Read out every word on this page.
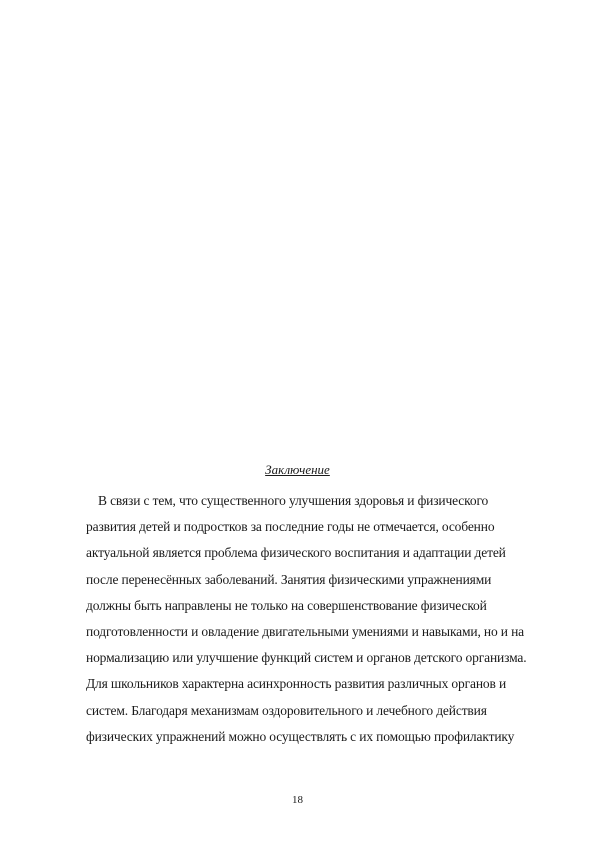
Заключение

В связи с тем, что существенного улучшения здоровья и физического
развития детей и подростков за последние годы не отмечается, особенно
актуальной является проблема физического воспитания и адаптации детей
после перенесённых заболеваний. Занятия физическими упражнениями
должны быть направлены не только на совершенствование физической
подготовленности и овладение двигательными умениями и навыками, но и на
нормализацию или улучшение функций систем и органов детского организма.
Для школьников характерна асинхронность развития различных органов и
систем. Благодаря механизмам оздоровительного и лечебного действия
физических упражнений можно осуществлять с их помощью профилактику

18
